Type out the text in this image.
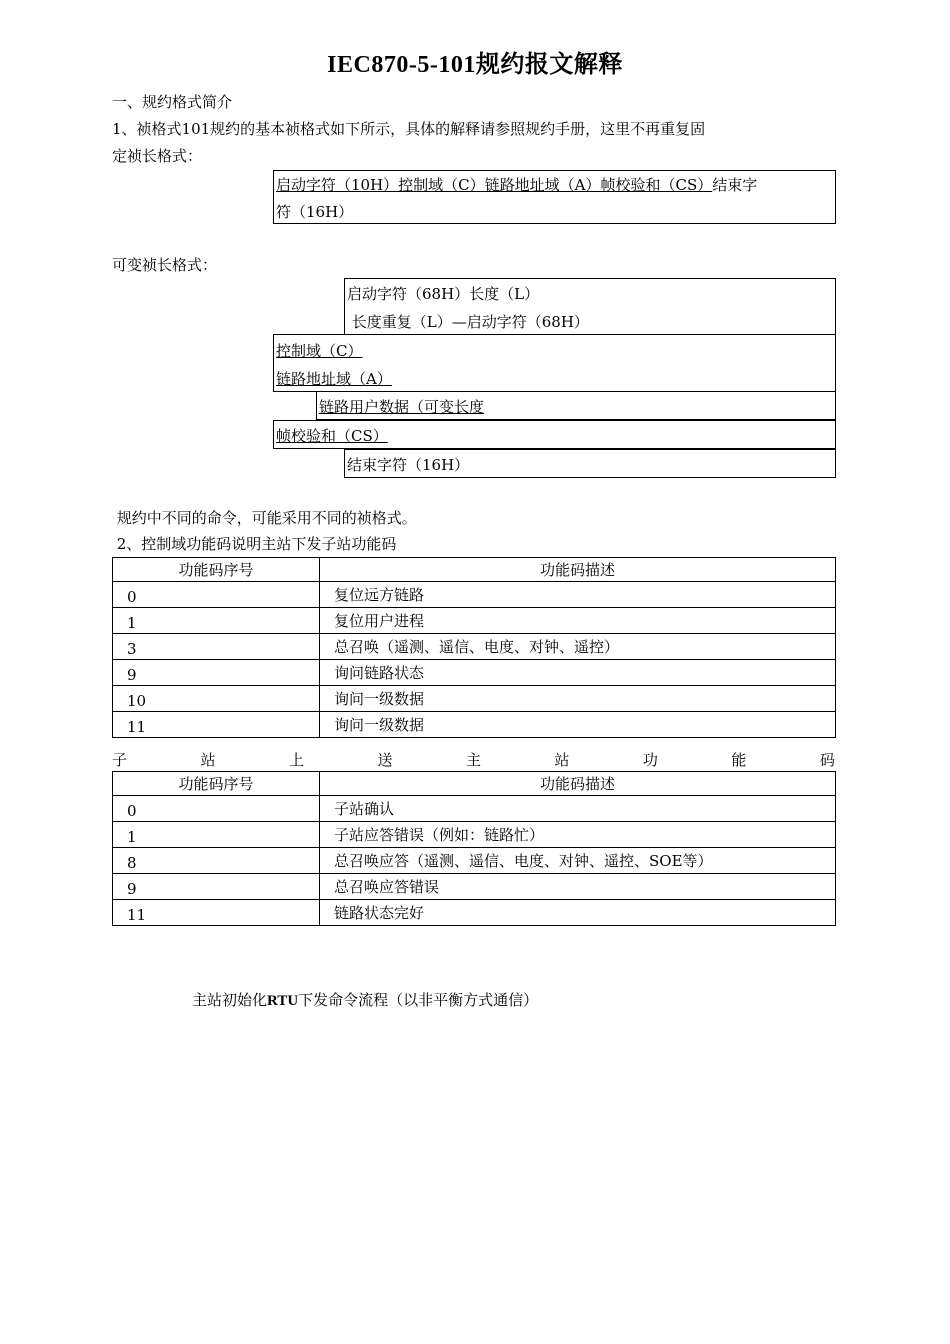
IEC870-5-101规约报文解释
一、规约格式简介
1、祯格式101规约的基本祯格式如下所示，具体的解释请参照规约手册，这里不再重复固
定祯长格式：
启动字符（10H）控制域（C）链路地址域（A）帧校验和（CS）结束字
符（16H）
可变祯长格式：
启动字符（68H）长度（L）
长度重复（L）—启动字符（68H）
控制域（C）
链路地址域（A）
链路用户数据（可变长度
帧校验和（CS）
结束字符（16H）
规约中不同的命令，可能采用不同的祯格式。
2、控制域功能码说明主站下发子站功能码
功能码序号	功能码描述
0	复位远方链路
1	复位用户进程
3	总召唤（遥测、遥信、电度、对钟、遥控）
9	询问链路状态
10	询问一级数据
11	询问一级数据
子	站	上	送	主	站	功	能	码
功能码序号	功能码描述
0	子站确认
1	子站应答错误（例如：链路忙）
8	总召唤应答（遥测、遥信、电度、对钟、遥控、SOE等）
9	总召唤应答错误
11	链路状态完好
主站初始化RTU下发命令流程（以非平衡方式通信）
